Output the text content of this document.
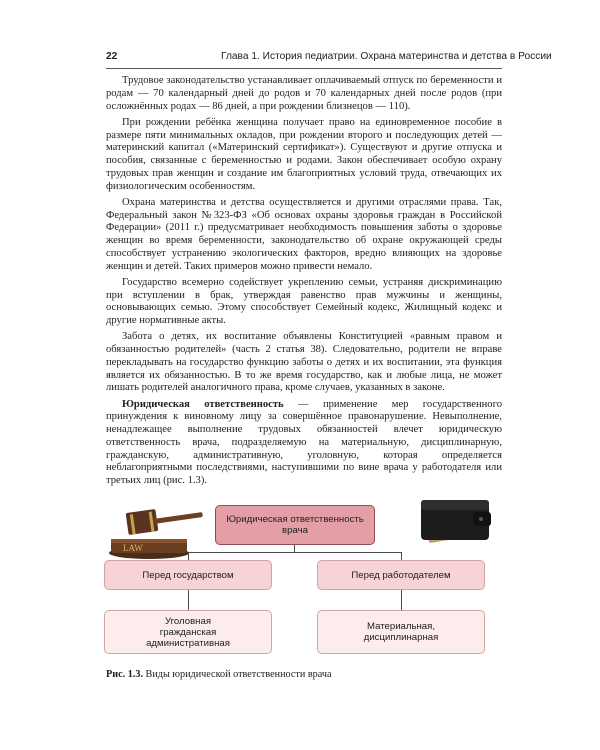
22	Глава 1. История педиатрии. Охрана материнства и детства в России

Трудовое законодательство устанавливает оплачиваемый отпуск по беременности и родам — 70 календарный дней до родов и 70 календарных дней после родов (при осложнённых родах — 86 дней, а при рождении близнецов — 110).

При рождении ребёнка женщина получает право на единовременное пособие в размере пяти минимальных окладов, при рождении второго и последующих детей — материнский капитал («Материнский сертификат»). Существуют и другие отпуска и пособия, связанные с беременностью и родами. Закон обеспечивает особую охрану трудовых прав женщин и создание им благоприятных условий труда, отвечающих их физиологическим особенностям.

Охрана материнства и детства осуществляется и другими отраслями права. Так, Федеральный закон №323-ФЗ «Об основах охраны здоровья граждан в Российской Федерации» (2011 г.) предусматривает необходимость повышения заботы о здоровье женщин во время беременности, законодательство об охране окружающей среды способствует устранению экологических факторов, вредно влияющих на здоровье женщин и детей. Таких примеров можно привести немало.

Государство всемерно содействует укреплению семьи, устраняя дискриминацию при вступлении в брак, утверждая равенство прав мужчины и женщины, основывающих семью. Этому способствует Семейный кодекс, Жилищный кодекс и другие нормативные акты.

Забота о детях, их воспитание объявлены Конституцией «равным правом и обязанностью родителей» (часть 2 статья 38). Следовательно, родители не вправе перекладывать на государство функцию заботы о детях и их воспитании, эта функция является их обязанностью. В то же время государство, как и любые лица, не может лишать родителей аналогичного права, кроме случаев, указанных в законе.

Юридическая ответственность — применение мер государственного принуждения к виновному лицу за совершённое правонарушение. Невыполнение, ненадлежащее выполнение трудовых обязанностей влечет юридическую ответственность врача, подразделяемую на материальную, дисциплинарную, гражданскую, административную, уголовную, которая определяется неблагоприятными последствиями, наступившими по вине врача у работодателя или третьих лиц (рис. 1.3).

LAW
Юридическая ответственность врача
Перед государством	Перед работодателем
Уголовная гражданская административная
Материальная, дисциплинарная
Рис. 1.3. Виды юридической ответственности врача
